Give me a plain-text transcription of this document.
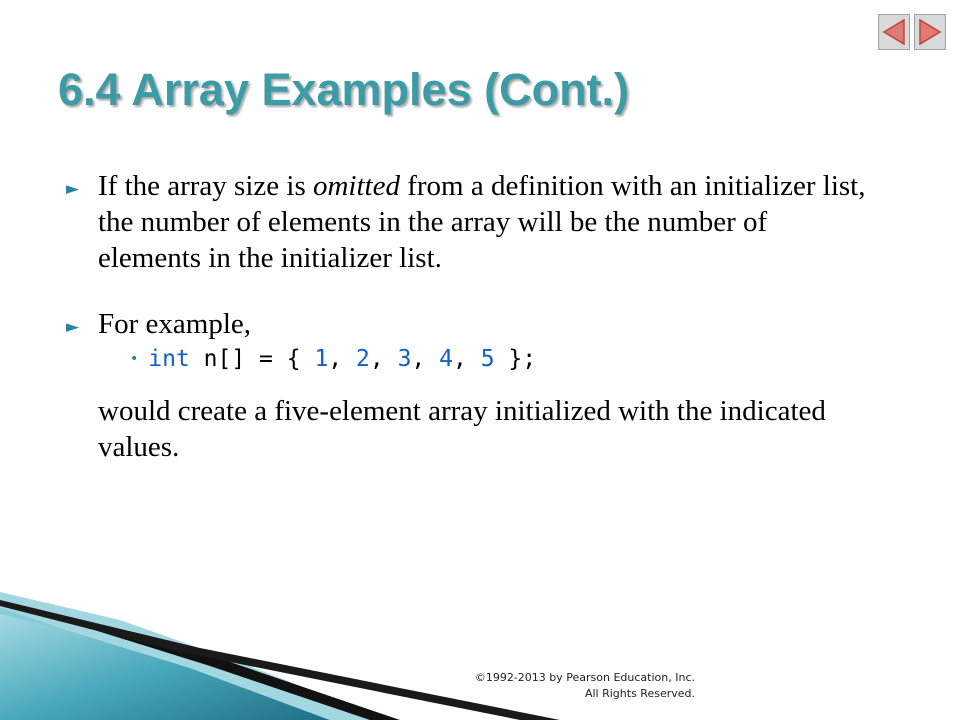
6.4 Array Examples (Cont.)
► If the array size is omitted from a definition with an initializer list, the number of elements in the array will be the number of elements in the initializer list.
► For example,
• int n[] = { 1, 2, 3, 4, 5 };
would create a five-element array initialized with the indicated values.
©1992-2013 by Pearson Education, Inc.
All Rights Reserved.
